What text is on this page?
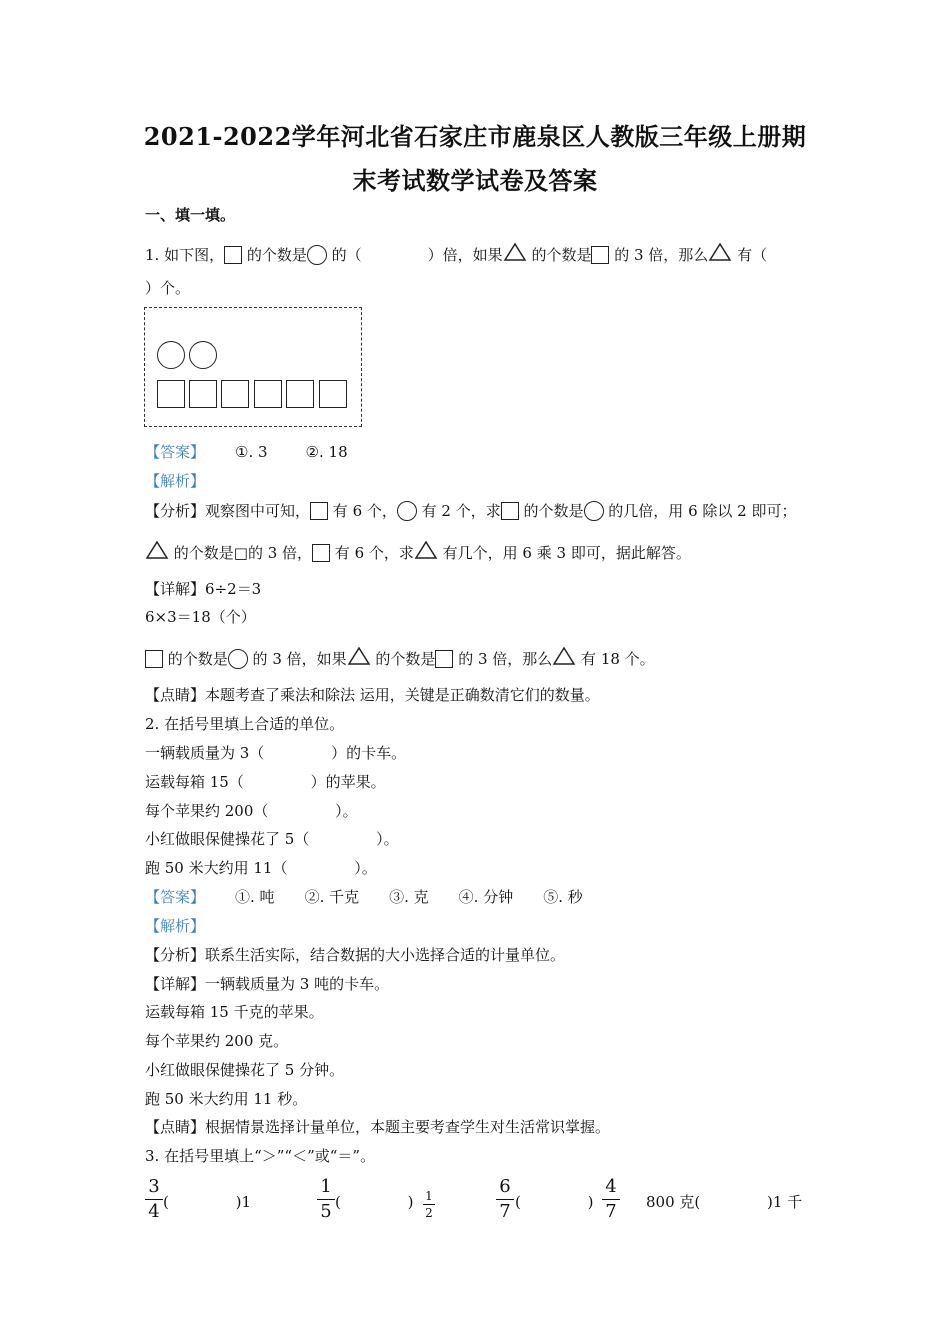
2021-2022学年河北省石家庄市鹿泉区人教版三年级上册期
末考试数学试卷及答案
一、填一填。
1. 如下图， 的个数是 的（	）倍，如果 的个数是 的 3 倍，那么 有（
）个。
【答案】 ①. 3	②. 18
【解析】
【分析】观察图中可知， 有 6 个， 有 2 个，求 的个数是 的几倍，用 6 除以 2 即可；
的个数是□的 3 倍， 有 6 个，求 有几个，用 6 乘 3 即可，据此解答。
【详解】6÷2＝3
6×3＝18（个）
的个数是 的 3 倍，如果 的个数是 的 3 倍，那么 有 18 个。
【点睛】本题考查了乘法和除法 运用，关键是正确数清它们的数量。
2. 在括号里填上合适的单位。
一辆载质量为 3（              ）的卡车。
运载每箱 15（              ）的苹果。
每个苹果约 200（              ）。
小红做眼保健操花了 5（              ）。
跑 50 米大约用 11（              ）。
【答案】 ①. 吨 ②. 千克 ③. 克 ④. 分钟 ⑤. 秒
【解析】
【分析】联系生活实际，结合数据的大小选择合适的计量单位。
【详解】一辆载质量为 3 吨的卡车。
运载每箱 15 千克的苹果。
每个苹果约 200 克。
小红做眼保健操花了 5 分钟。
跑 50 米大约用 11 秒。
【点睛】根据情景选择计量单位，本题主要考查学生对生活常识掌握。
3. 在括号里填上“＞”“＜”或“＝”。
3
4 (              )1
1
5 (              ) 1
2
6
7 (              )
4
7 800 克(              )1 千
